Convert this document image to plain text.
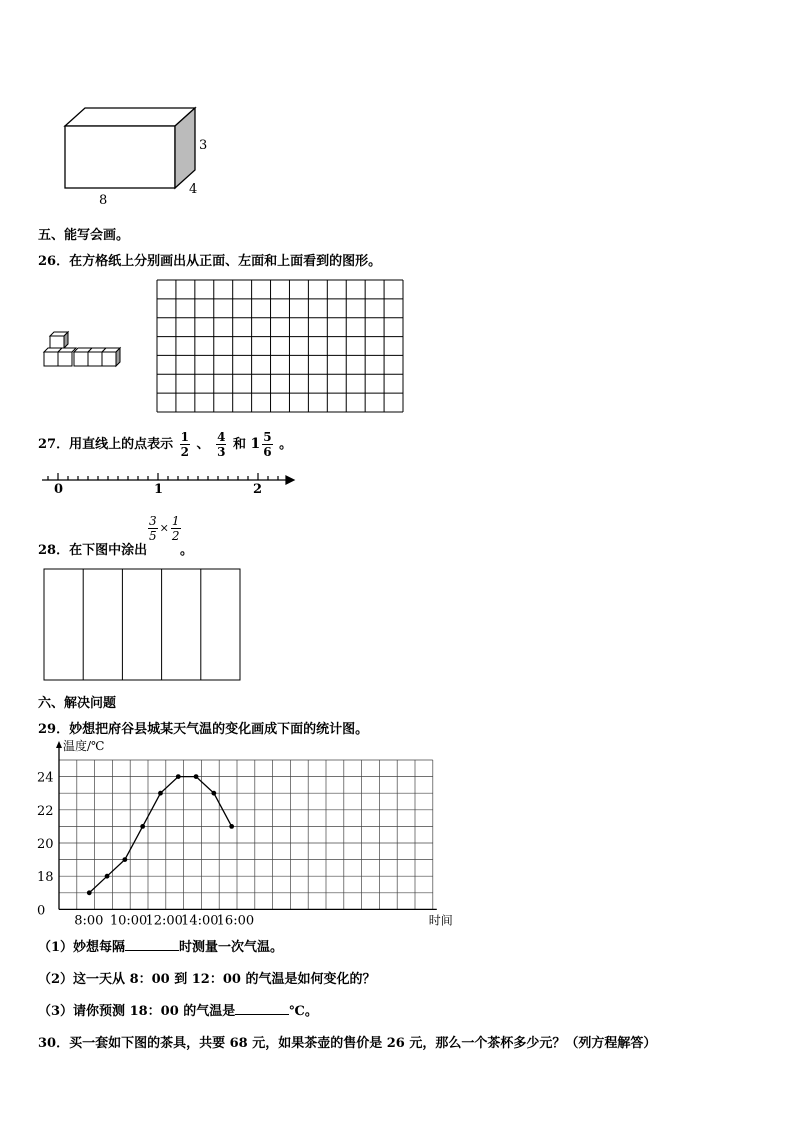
3
4
8
五、能写会画。
26．在方格纸上分别画出从正面、左面和上面看到的图形。
27．用直线上的点表示 $\frac{1}{2}$ 、 $\frac{4}{3}$ 和 $1 \frac{5}{6}$ 。
0	1	2
28．在下图中涂出
$\frac{3}{5} \times \frac{1}{2}$
。
六、解决问题
29．妙想把府谷县城某天气温的变化画成下面的统计图。
0
18
20
22
24
温度/℃
8:00 10:00
12:00
14:00
16:00	时间
（1）妙想每隔	时测量一次气温。
（2）这一天从 8：00 到 12：00 的气温是如何变化的？
（3）请你预测 18：00 的气温是	℃。
30．买一套如下图的茶具，共要 68 元，如果茶壶的售价是 26 元，那么一个茶杯多少元？（列方程解答）
